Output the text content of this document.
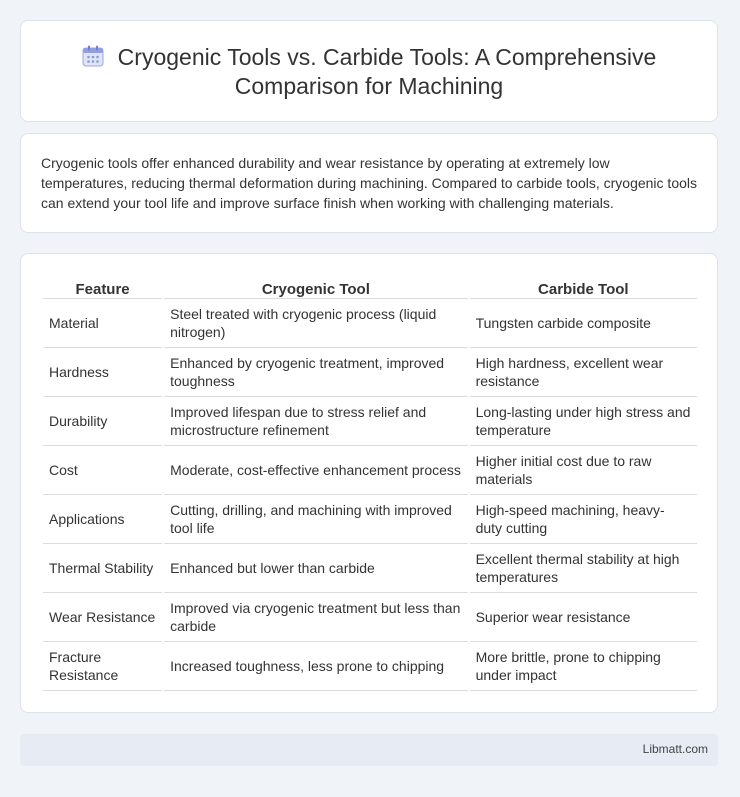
Cryogenic Tools vs. Carbide Tools: A Comprehensive
Comparison for Machining

Cryogenic tools offer enhanced durability and wear resistance by operating at extremely low temperatures, reducing thermal deformation during machining. Compared to carbide tools, cryogenic tools can extend your tool life and improve surface finish when working with challenging materials.

Feature	Cryogenic Tool	Carbide Tool
Material	Steel treated with cryogenic process (liquid nitrogen)	Tungsten carbide composite
Hardness	Enhanced by cryogenic treatment, improved toughness	High hardness, excellent wear resistance
Durability	Improved lifespan due to stress relief and microstructure refinement	Long-lasting under high stress and temperature
Cost	Moderate, cost-effective enhancement process	Higher initial cost due to raw materials
Applications	Cutting, drilling, and machining with improved tool life	High-speed machining, heavy-duty cutting
Thermal Stability	Enhanced but lower than carbide	Excellent thermal stability at high temperatures
Wear Resistance	Improved via cryogenic treatment but less than carbide	Superior wear resistance
Fracture Resistance	Increased toughness, less prone to chipping	More brittle, prone to chipping under impact
Libmatt.com
